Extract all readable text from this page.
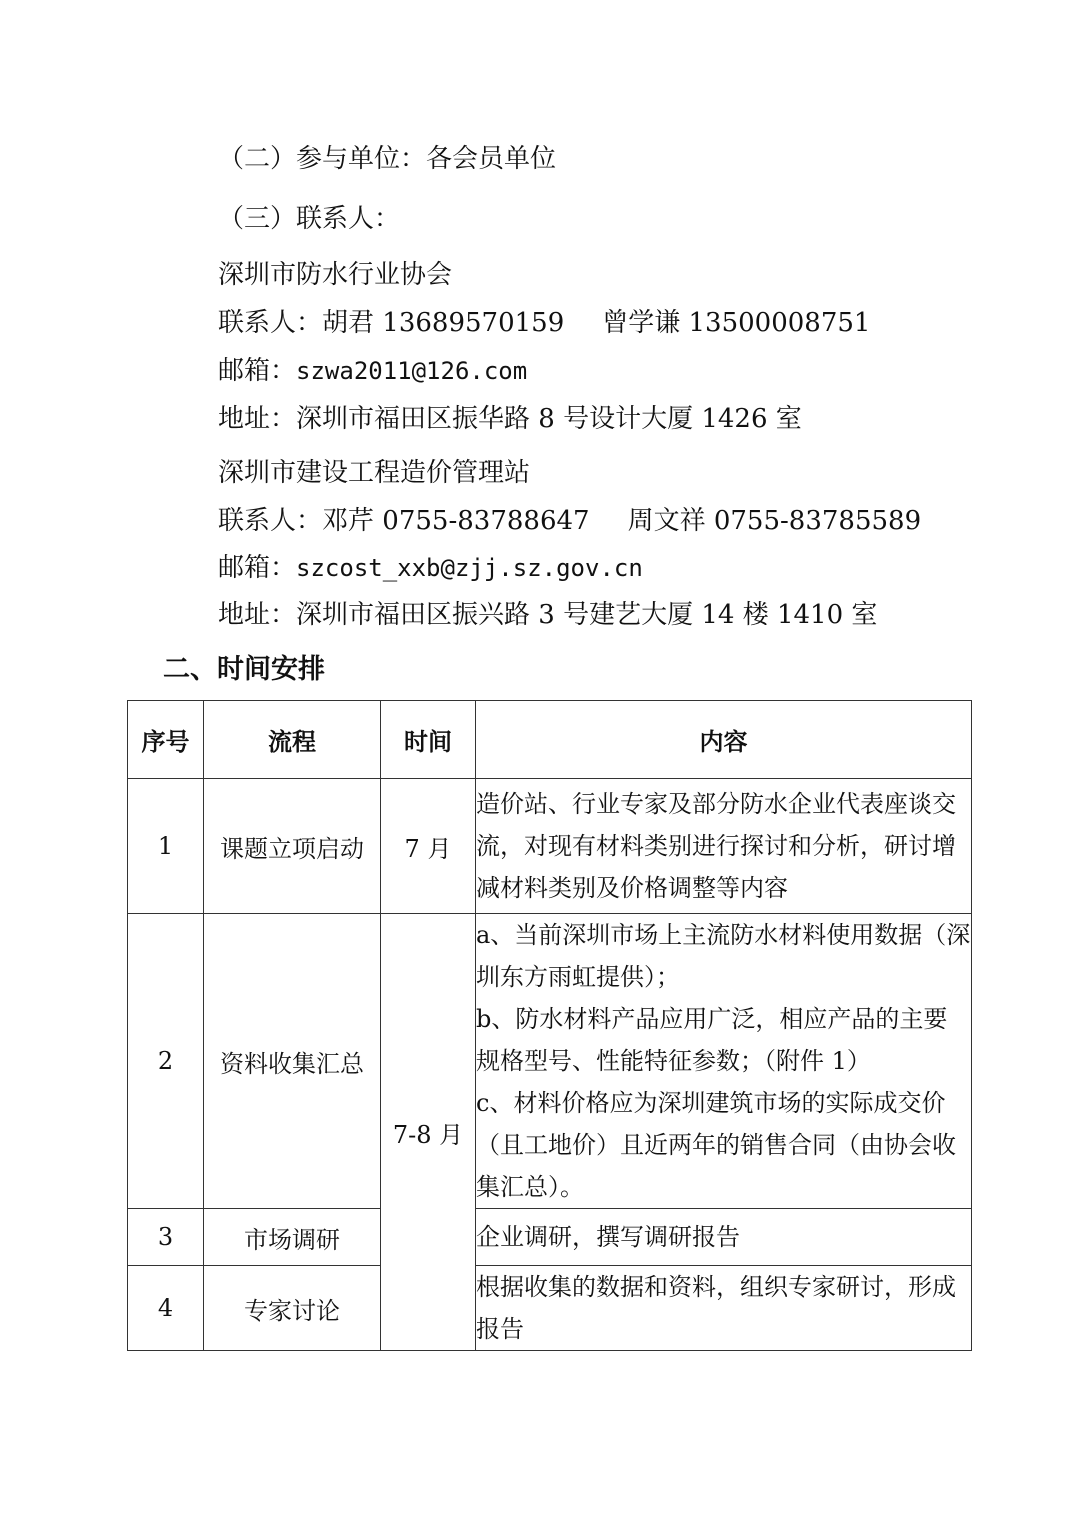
（二）参与单位：各会员单位
（三）联系人：
深圳市防水行业协会
联系人：胡君 13689570159 曾学谦 13500008751
邮箱：szwa2011@126.com
地址：深圳市福田区振华路 8 号设计大厦 1426 室
深圳市建设工程造价管理站
联系人：邓芹 0755-83788647 周文祥 0755-83785589
邮箱：szcost_xxb@zjj.sz.gov.cn
地址：深圳市福田区振兴路 3 号建艺大厦 14 楼 1410 室
二、时间安排
序号	流程	时间	内容
1	课题立项启动	7 月	造价站、行业专家及部分防水企业代表座谈交流，对现有材料类别进行探讨和分析，研讨增减材料类别及价格调整等内容

2	资料收集汇总	7-8 月	a、当前深圳市场上主流防水材料使用数据（深圳东方雨虹提供）；
b、防水材料产品应用广泛，相应产品的主要规格型号、性能特征参数；（附件 1）
c、材料价格应为深圳建筑市场的实际成交价（且工地价）且近两年的销售合同（由协会收集汇总）。

3	市场调研		企业调研，撰写调研报告

4	专家讨论		根据收集的数据和资料，组织专家研讨，形成报告
